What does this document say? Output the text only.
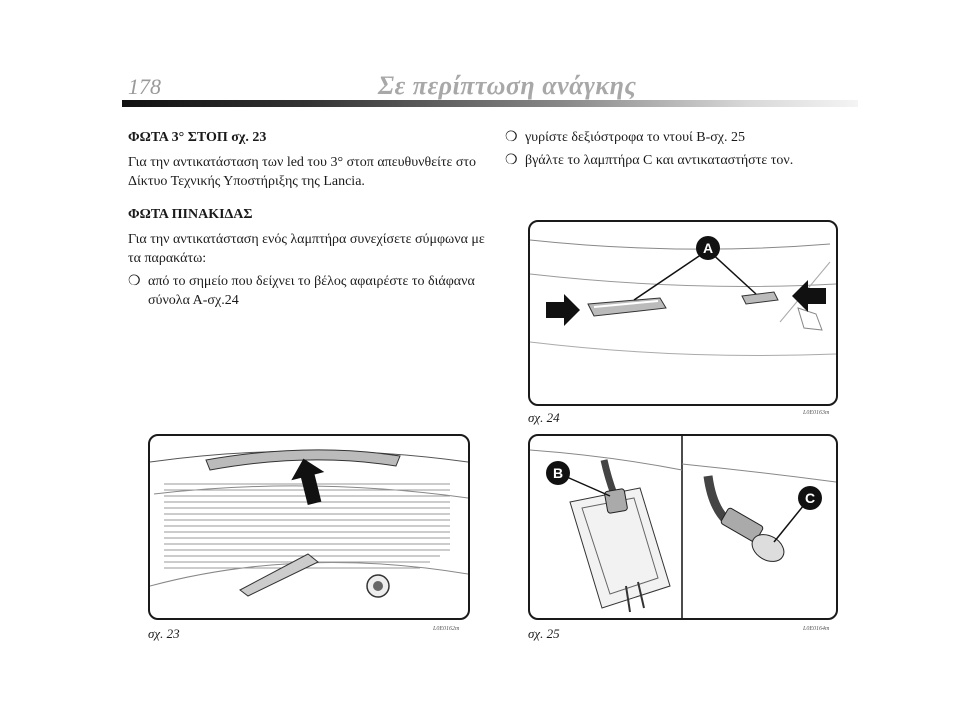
178	Σε περίπτωση ανάγκης

ΦΩΤΑ 3° ΣΤΟΠ σχ. 23

Για την αντικατάσταση των led του 3° στοπ απευθυνθείτε στο Δίκτυο Τεχνικής Υποστήριξης της Lancia.

ΦΩΤΑ ΠΙΝΑΚΙΔΑΣ

Για την αντικατάσταση ενός λαμπτήρα συνεχίσετε σύμφωνα με τα παρακάτω:

❍ από το σημείο που δείχνει το βέλος αφαιρέστε το διάφανα σύνολα Α-σχ.24
❍ γυρίστε δεξιόστροφα το ντουί B-σχ. 25
❍ βγάλτε το λαμπτήρα C και αντικαταστήστε τον.
A
σχ. 24	L0E0163m
σχ. 23	L0E0162m
B
C
σχ. 25	L0E0164m
